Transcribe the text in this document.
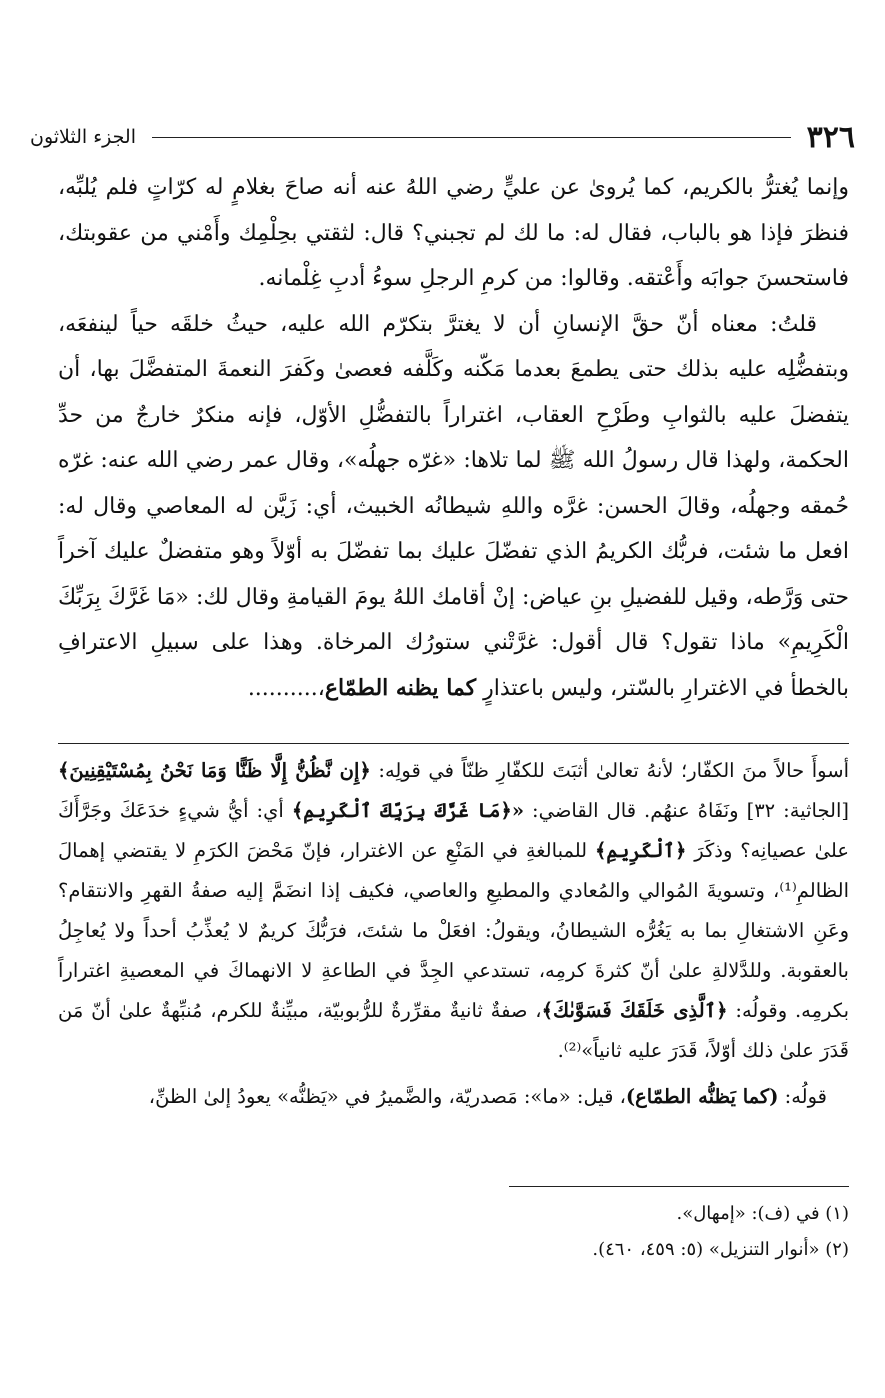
٣٢٦
الجزء الثلاثون

وإنما يُغترُّ بالكريم، كما يُروىٰ عن عليٍّ رضي اللهُ عنه أنه صاحَ بغلامٍ له كرّاتٍ فلم يُلبِّه، فنظرَ فإذا هو بالباب، فقال له: ما لك لم تجبني؟ قال: لثقتي بحِلْمِك وأَمْني من عقوبتك، فاستحسنَ جوابَه وأَعْتقه. وقالوا: من كرمِ الرجلِ سوءُ أدبِ غِلْمانه.

قلتُ: معناه أنّ حقَّ الإنسانِ أن لا يغترَّ بتكرّم الله عليه، حيثُ خلقَه حياً لينفعَه، وبتفضُّلِه عليه بذلك حتى يطمعَ بعدما مَكّنه وكَلَّفه فعصىٰ وكَفرَ النعمةَ المتفضَّلَ بها، أن يتفضلَ عليه بالثوابِ وطَرْحِ العقاب، اغتراراً بالتفضُّلِ الأوّل، فإنه منكرٌ خارجٌ من حدِّ الحكمة، ولهذا قال رسولُ الله ﷺ لما تلاها: «غرّه جهلُه»، وقال عمر رضي الله عنه: غرّه حُمقه وجهلُه، وقالَ الحسن: غرَّه واللهِ شيطانُه الخبيث، أي: زَيَّن له المعاصي وقال له: افعل ما شئت، فربُّك الكريمُ الذي تفضّلَ عليك بما تفضّلَ به أوّلاً وهو متفضلٌ عليك آخراً حتى وَرَّطه، وقيل للفضيلِ بنِ عياض: إنْ أقامك اللهُ يومَ القيامةِ وقال لك: «مَا غَرَّكَ بِرَبِّكَ الْكَرِيمِ» ماذا تقول؟ قال أقول: غرَّتْني ستورُك المرخاة. وهذا على سبيلِ الاعترافِ بالخطأ في الاغترارِ بالسّتر، وليس باعتذارٍ كما يظنه الطمّاع،..........

أسوأَ حالاً منَ الكفّار؛ لأنهُ تعالىٰ أثبَتَ للكفّارِ ظنّاً في قولِه: ﴿إِن نَّظُنُّ إِلَّا ظَنًّا وَمَا نَحْنُ بِمُسْتَيْقِنِينَ﴾ [الجاثية: ٣٢] ونَفَاهُ عنهُم. قال القاضي: «﴿مَا غَرَّكَ بِرَبِّكَ ٱلْكَرِيمِ﴾ أي: أيُّ شيءٍ خدَعَكَ وجَرَّأَكَ علىٰ عصيانِه؟ وذكَرَ ﴿ٱلْكَرِيمِ﴾ للمبالغةِ في المَنْعِ عن الاغترار، فإنّ مَحْضَ الكرَمِ لا يقتضي إهمالَ الظالمِ⁽¹⁾، وتسويةَ المُوالي والمُعادي والمطيعِ والعاصي، فكيف إذا انضَمَّ إليه صفةُ القهرِ والانتقام؟ وعَنِ الاشتغالِ بما به يَغُرُّه الشيطانُ، ويقولُ: افعَلْ ما شئتَ، فرَبُّكَ كريمٌ لا يُعذِّبُ أحداً ولا يُعاجِلُ بالعقوبة. وللدَّلالةِ علىٰ أنّ كثرةَ كرمِه، تستدعي الجِدَّ في الطاعةِ لا الانهماكَ في المعصيةِ اغتراراً بكرمِه. وقولُه: ﴿ٱلَّذِى خَلَقَكَ فَسَوَّىٰكَ﴾، صفةٌ ثانيةٌ مقرِّرةٌ للرُّبوبيّة، مبيِّنةٌ للكرم، مُنبِّهةٌ علىٰ أنّ مَن قَدَرَ علىٰ ذلك أوّلاً، قَدَرَ عليه ثانياً»⁽²⁾.

قولُه: (كما يَظنُّه الطمّاع)، قيل: «ما»: مَصدريّة، والضَّميرُ في «يَظنُّه» يعودُ إلىٰ الظنِّ،

(١) في (ف): «إمهال».

(٢) «أنوار التنزيل» (٥: ٤٥٩، ٤٦٠).
